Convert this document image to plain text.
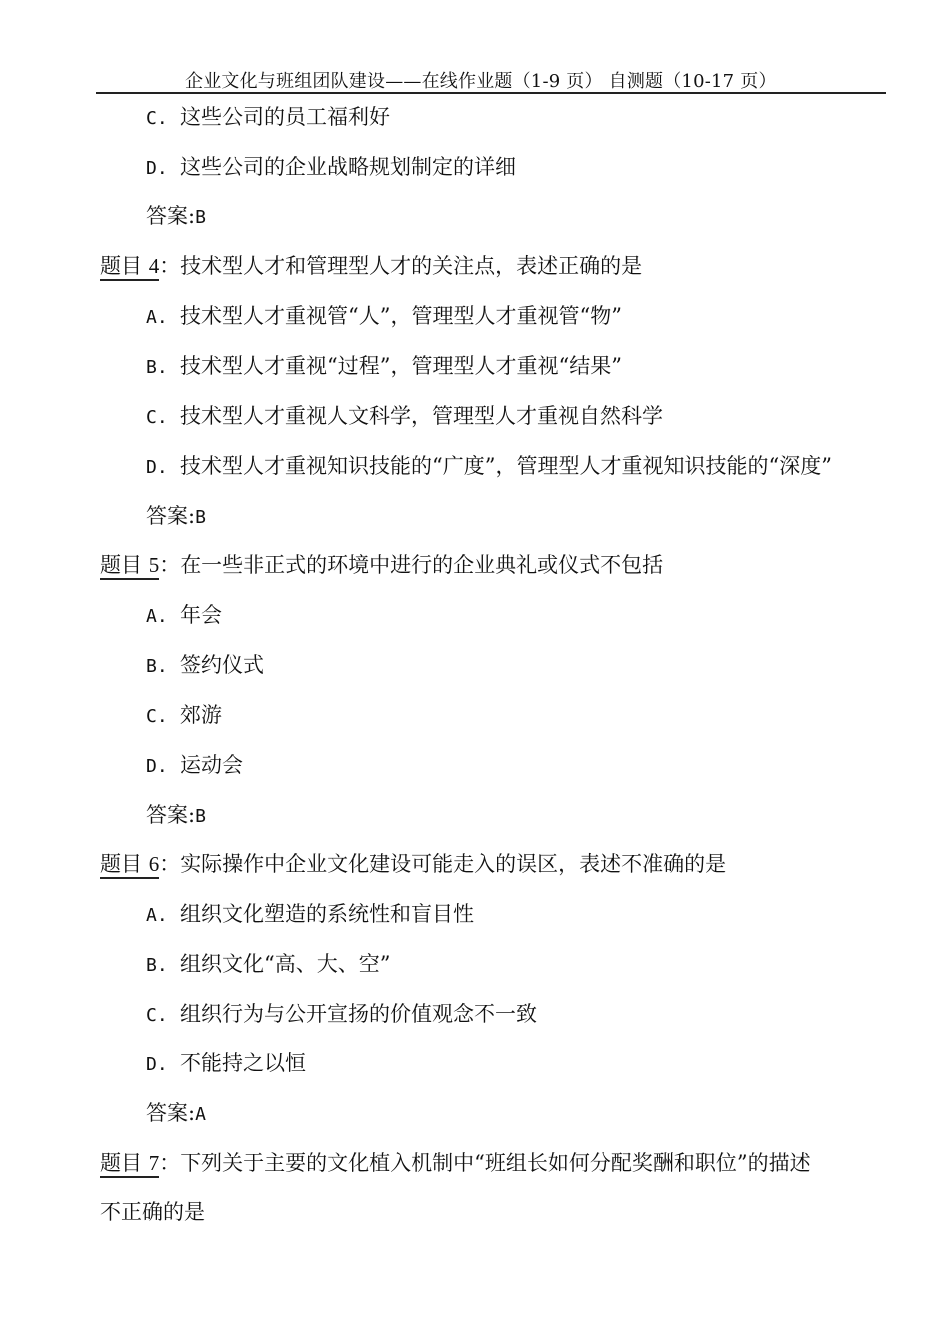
企业文化与班组团队建设——在线作业题（1-9 页） 自测题（10-17 页）
C. 这些公司的员工福利好
D. 这些公司的企业战略规划制定的详细
答案:B
题目 4：技术型人才和管理型人才的关注点，表述正确的是
A. 技术型人才重视管“人”，管理型人才重视管“物”
B. 技术型人才重视“过程”，管理型人才重视“结果”
C. 技术型人才重视人文科学，管理型人才重视自然科学
D. 技术型人才重视知识技能的“广度”，管理型人才重视知识技能的“深度”
答案:B
题目 5：在一些非正式的环境中进行的企业典礼或仪式不包括
A. 年会
B. 签约仪式
C. 郊游
D. 运动会
答案:B
题目 6：实际操作中企业文化建设可能走入的误区，表述不准确的是
A. 组织文化塑造的系统性和盲目性
B. 组织文化“高、大、空”
C. 组织行为与公开宣扬的价值观念不一致
D. 不能持之以恒
答案:A
题目 7：下列关于主要的文化植入机制中“班组长如何分配奖酬和职位”的描述
不正确的是
